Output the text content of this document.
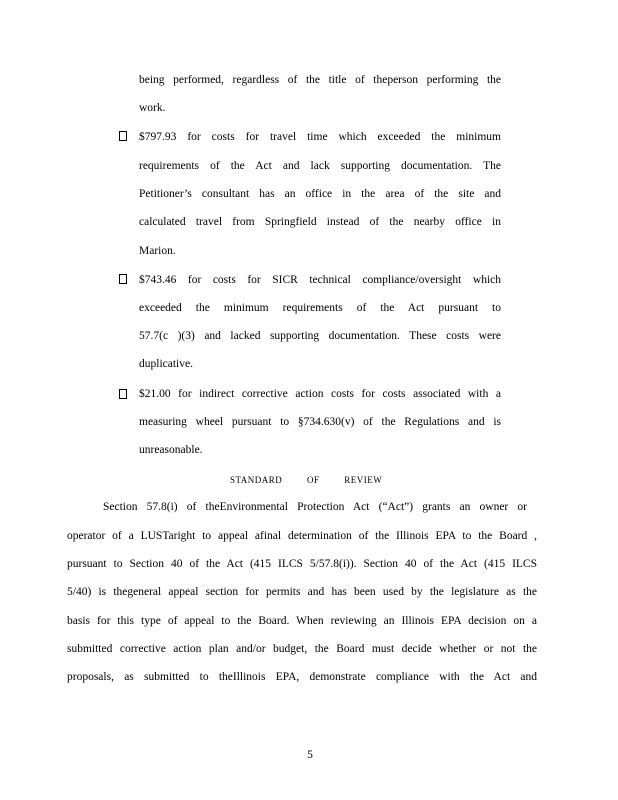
being performed, regardless of the title of theperson performing the
work.
$797.93 for costs for travel time which exceeded the minimum
requirements of the Act and lack supporting documentation. The
Petitioner’s consultant has an office in the area of the site and
calculated travel from Springfield instead of the nearby office in
Marion.
$743.46 for costs for SICR technical compliance/oversight which
exceeded the minimum requirements of the Act pursuant to
57.7(c )(3) and lacked supporting documentation. These costs were
duplicative.
$21.00 for indirect corrective action costs for costs associated with a
measuring wheel pursuant to §734.630(v) of the Regulations and is
unreasonable.
STANDARD OF REVIEW
Section 57.8(i) of theEnvironmental Protection Act (“Act”) grants an owner or
operator of a LUSTaright to appeal afinal determination of the Illinois EPA to the Board ,
pursuant to Section 40 of the Act (415 ILCS 5/57.8(i)). Section 40 of the Act (415 ILCS
5/40) is thegeneral appeal section for permits and has been used by the legislature as the
basis for this type of appeal to the Board. When reviewing an Illinois EPA decision on a
submitted corrective action plan and/or budget, the Board must decide whether or not the
proposals, as submitted to theIllinois EPA, demonstrate compliance with the Act and
5
